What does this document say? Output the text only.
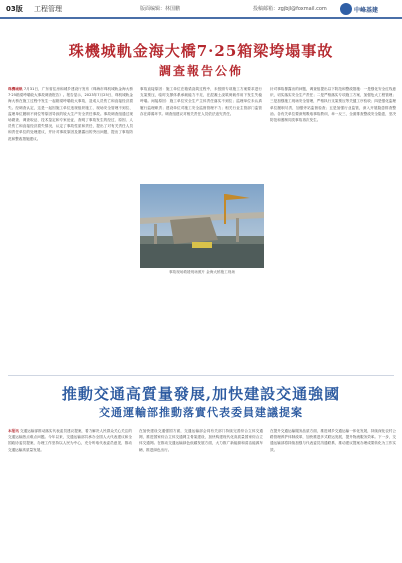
03版 工程管理	版面编辑：林国鹏	投稿邮箱：zgjbjl@foxmail.com	中峰基建
珠機城軌金海大橋7·25箱梁垮塌事故
調查報告公佈
珠機城軌 7月31日，广东省住房和城乡建设厅发布《珠海市珠机城轨金海大桥7·25箱梁垮塌较大事故调查报告》。报告显示，2023年7月25日，珠机城轨金海大桥在施工过程中发生一起箱梁垮塌较大事故，造成人员伤亡和直接经济损失。经调查认定，这是一起因施工单位违规组织施工、现场安全管理不到位、监理单位履职不到位等原因导致的较大生产安全责任事故。事故调查组通过现场勘查、调查取证、技术鉴定和专家论证，查明了事故发生的经过、原因、人员伤亡和直接经济损失情况，认定了事故性质和责任，提出了对有关责任人员和责任单位的处理建议，并针对事故原因及暴露出的突出问题，提出了事故防范和整改措施建议。
事故直接原因：施工单位在箱梁浇筑过程中，未按照专项施工方案要求进行支架预压，临时支撑体系承载能力不足，在混凝土浇筑荷载作用下发生失稳垮塌。间接原因：施工单位安全生产主体责任落实不到位；监理单位未认真履行监理职责；建设单位对施工安全监督管理不力；相关行业主管部门监管存在薄弱环节。调查组建议对相关责任人员依法追究责任。
针对事故暴露出的问题，调查组提出以下防范和整改措施：一是强化安全红线意识，切实落实安全生产责任；二是严格落实专项施工方案，加强危大工程管理；三是加强施工现场安全管理，严格执行支架预压等关键工序验收；四是强化监理单位履职尽责，加强旁站监督检查；五是加强行业监管，深入开展隐患排查整治。各有关单位要深刻吸取事故教训，举一反三，全面排查整改安全隐患，坚决防范和遏制同类事故再次发生。
事故现场救援现场照片 金海大桥施工现场
推動交通高質量發展,加快建設交通強國
交通運輸部推動落實代表委員建議提案
本报讯 交通运输部推动落实代表委员建议提案，着力解决人民群众关心关注的交通运输热点难点问题。今年以来，交通运输部共承办全国人大代表建议和全国政协委员提案，办理工作坚持以人民为中心，充分听取代表委员意见，推动交通运输高质量发展。
在加快建设交通强国方面，交通运输部会同有关部门持续完善综合立体交通网，推进国家综合立体交通网主骨架建设，加快构建现代化高质量国家综合立体交通网。在推动交通运输绿色低碳发展方面，大力推广新能源和清洁能源车辆，推进绿色出行。
在提升交通运输服务品质方面，推进城乡交通运输一体化发展，持续深化农村公路管理养护体制改革，加快推进多式联运发展，提升物流服务效率。下一步，交通运输部将持续加强与代表委员沟通联系，推动建议提案办理成果转化为工作实效。
